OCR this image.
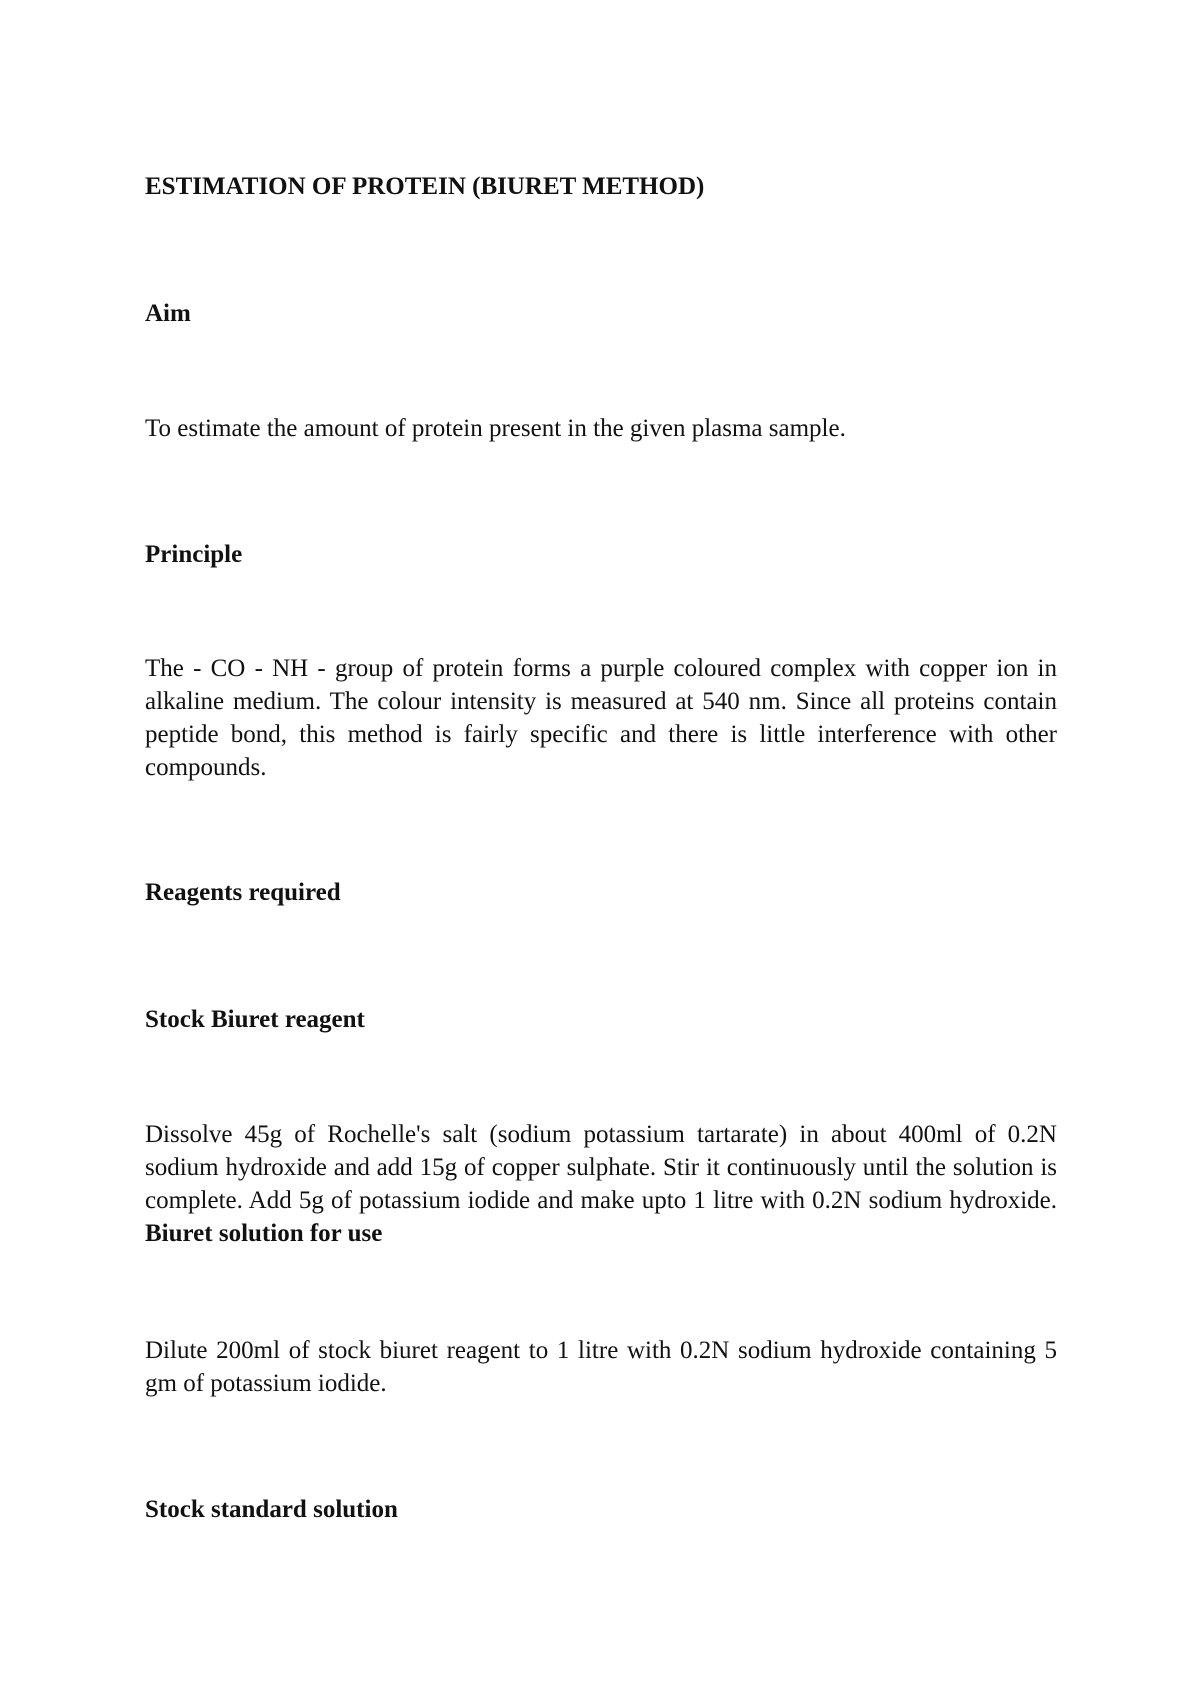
ESTIMATION OF PROTEIN (BIURET METHOD)

Aim

To estimate the amount of protein present in the given plasma sample.

Principle

The - CO - NH - group of protein forms a purple coloured complex with copper ion in alkaline medium. The colour intensity is measured at 540 nm. Since all proteins contain peptide bond, this method is fairly specific and there is little interference with other compounds.

Reagents required

Stock Biuret reagent

Dissolve 45g of Rochelle's salt (sodium potassium tartarate) in about 400ml of 0.2N sodium hydroxide and add 15g of copper sulphate. Stir it continuously until the solution is complete. Add 5g of potassium iodide and make upto 1 litre with 0.2N sodium hydroxide. Biuret solution for use

Dilute 200ml of stock biuret reagent to 1 litre with 0.2N sodium hydroxide containing 5 gm of potassium iodide.

Stock standard solution
